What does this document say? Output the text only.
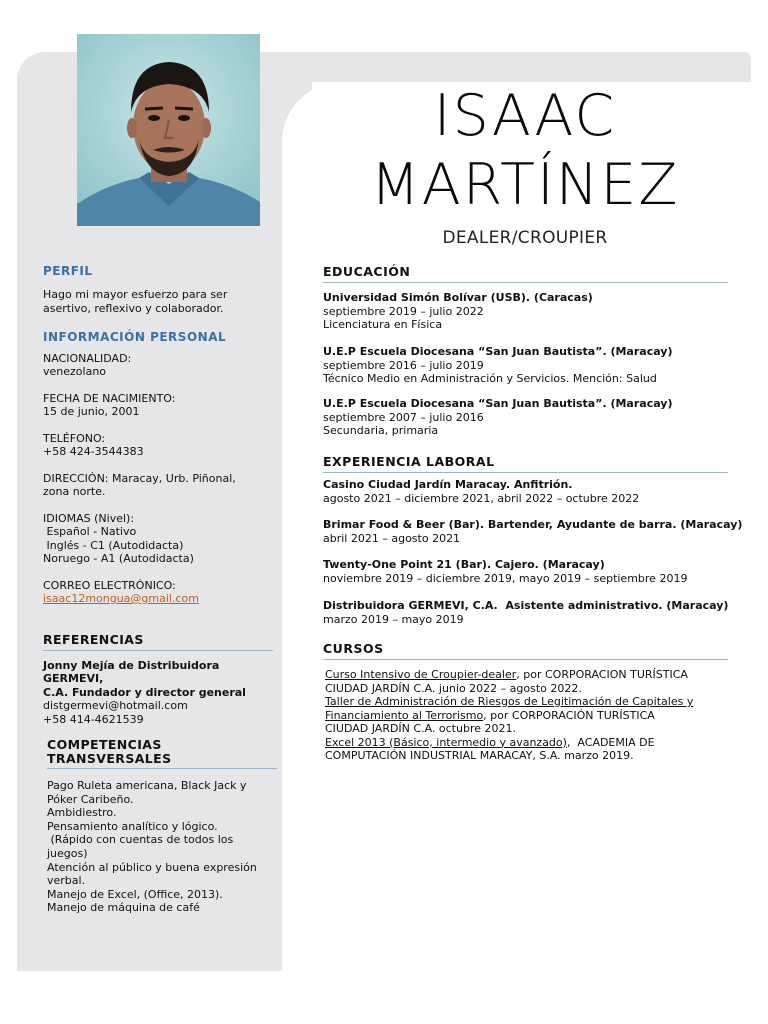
ISAAC
MARTÍNEZ
DEALER/CROUPIER
PERFIL
Hago mi mayor esfuerzo para ser asertivo, reflexivo y colaborador.
INFORMACIÓN PERSONAL
NACIONALIDAD:
venezolano
FECHA DE NACIMIENTO:
15 de junio, 2001
TELÉFONO:
+58 424-3544383
DIRECCIÓN: Maracay, Urb. Piñonal,
zona norte.
IDIOMAS (Nivel):
Español - Nativo
Inglés - C1 (Autodidacta)
Noruego - A1 (Autodidacta)
CORREO ELECTRÓNICO:
isaac12mongua@gmail.com
REFERENCIAS
Jonny Mejía de Distribuidora GERMEVI,
C.A. Fundador y director general
distgermevi@hotmail.com
+58 414-4621539
COMPETENCIAS TRANSVERSALES
Pago Ruleta americana, Black Jack y
Póker Caribeño.
Ambidiestro.
Pensamiento analítico y lógico.
(Rápido con cuentas de todos los
juegos)
Atención al público y buena expresión
verbal.
Manejo de Excel, (Office, 2013).
Manejo de máquina de café
EDUCACIÓN
Universidad Simón Bolívar (USB). (Caracas)
septiembre 2019 – julio 2022
Licenciatura en Física
U.E.P Escuela Diocesana “San Juan Bautista”. (Maracay)
septiembre 2016 – julio 2019
Técnico Medio en Administración y Servicios. Mención: Salud
U.E.P Escuela Diocesana “San Juan Bautista”. (Maracay)
septiembre 2007 – julio 2016
Secundaria, primaria
EXPERIENCIA LABORAL
Casino Ciudad Jardín Maracay. Anfitrión.
agosto 2021 – diciembre 2021, abril 2022 – octubre 2022
Brimar Food & Beer (Bar). Bartender, Ayudante de barra. (Maracay)
abril 2021 – agosto 2021
Twenty-One Point 21 (Bar). Cajero. (Maracay)
noviembre 2019 – diciembre 2019, mayo 2019 – septiembre 2019
Distribuidora GERMEVI, C.A.  Asistente administrativo. (Maracay)
marzo 2019 – mayo 2019
CURSOS
Curso Intensivo de Croupier-dealer, por CORPORACION TURÍSTICA
CIUDAD JARDÍN C.A. junio 2022 – agosto 2022.
Taller de Administración de Riesgos de Legitimación de Capitales y
Financiamiento al Terrorismo, por CORPORACIÓN TURÍSTICA
CIUDAD JARDÍN C.A. octubre 2021.
Excel 2013 (Básico, intermedio y avanzado),  ACADEMIA DE
COMPUTACIÓN INDUSTRIAL MARACAY, S.A. marzo 2019.
